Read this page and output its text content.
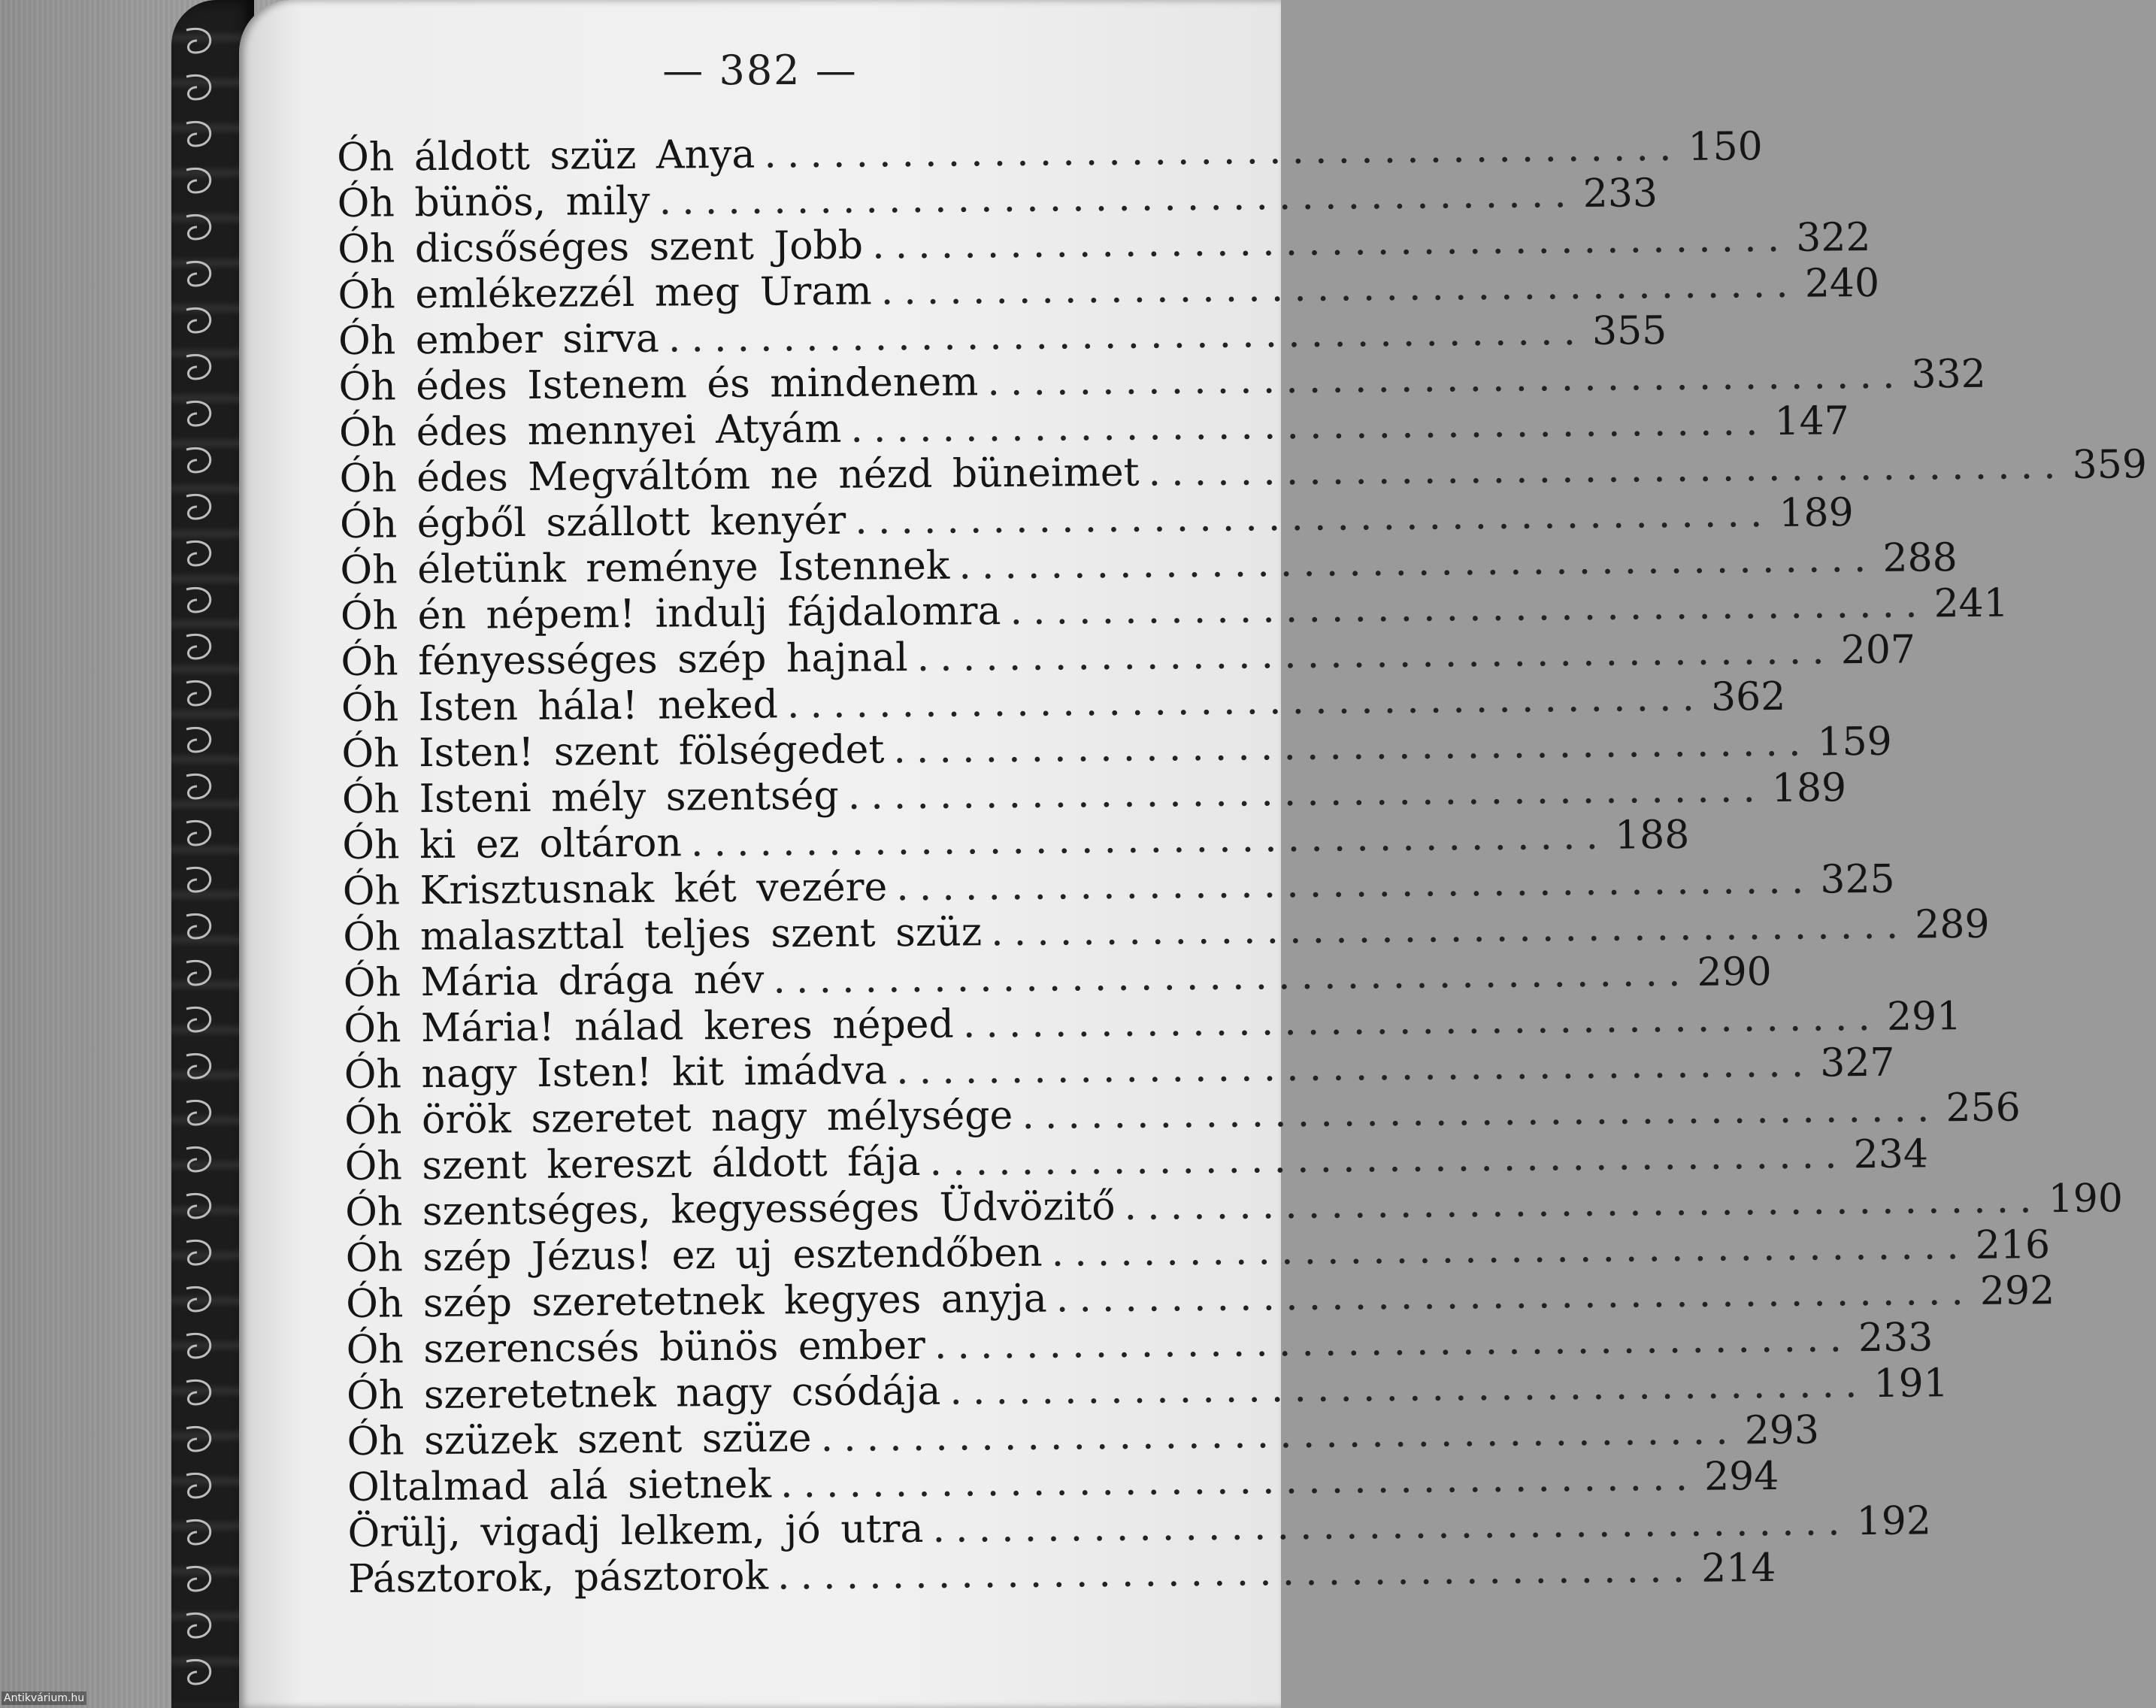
— 382 —
Óh áldott szüz Anya ........................................ 150
Óh bünös, mily ........................................ 233
Óh dicsőséges szent Jobb ........................................ 322
Óh emlékezzél meg Uram ........................................ 240
Óh ember sirva ........................................ 355
Óh édes Istenem és mindenem ........................................ 332
Óh édes mennyei Atyám ........................................ 147
Óh édes Megváltóm ne nézd büneimet ........................................ 359
Óh égből szállott kenyér ........................................ 189
Óh életünk reménye Istennek ........................................ 288
Óh én népem! indulj fájdalomra ........................................ 241
Óh fényességes szép hajnal ........................................ 207
Óh Isten hála! neked ........................................ 362
Óh Isten! szent fölségedet ........................................ 159
Óh Isteni mély szentség ........................................ 189
Óh ki ez oltáron ........................................ 188
Óh Krisztusnak két vezére ........................................ 325
Óh malaszttal teljes szent szüz ........................................ 289
Óh Mária drága név ........................................ 290
Óh Mária! nálad keres néped ........................................ 291
Óh nagy Isten! kit imádva ........................................ 327
Óh örök szeretet nagy mélysége ........................................ 256
Óh szent kereszt áldott fája ........................................ 234
Óh szentséges, kegyességes Üdvözitő ........................................ 190
Óh szép Jézus! ez uj esztendőben ........................................ 216
Óh szép szeretetnek kegyes anyja ........................................ 292
Óh szerencsés bünös ember ........................................ 233
Óh szeretetnek nagy csódája ........................................ 191
Óh szüzek szent szüze ........................................ 293
Oltalmad alá sietnek ........................................ 294
Örülj, vigadj lelkem, jó utra ........................................ 192
Pásztorok, pásztorok ........................................ 214
Antikvárium.hu
